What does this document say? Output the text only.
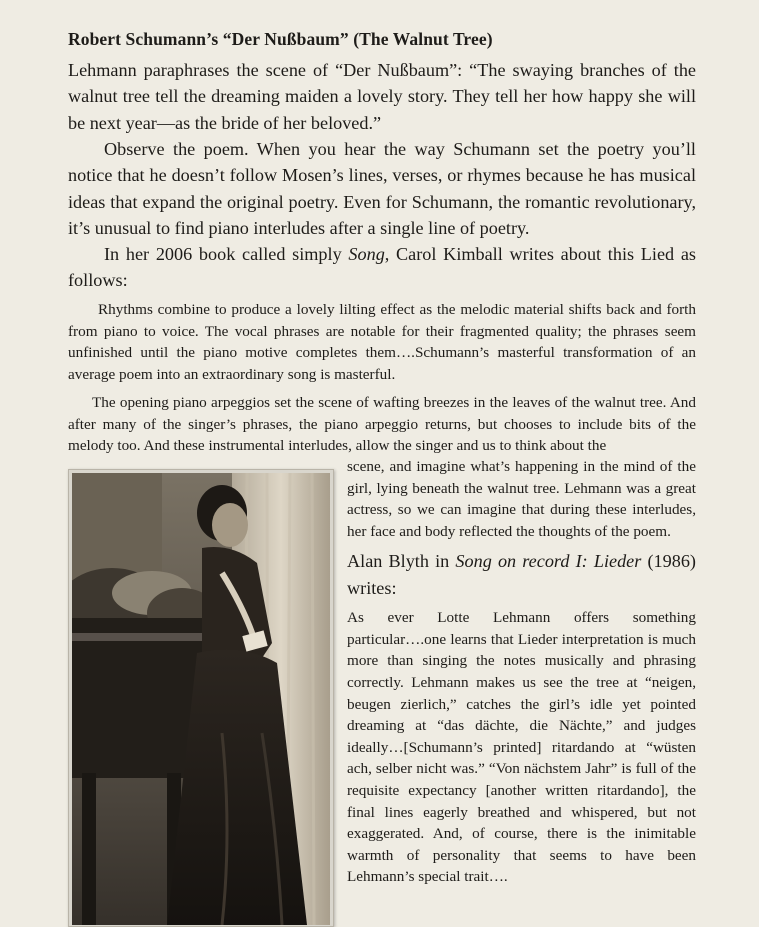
Robert Schumann’s “Der Nußbaum” (The Walnut Tree)

Lehmann paraphrases the scene of “Der Nußbaum”: “The swaying branches of the walnut tree tell the dreaming maiden a lovely story. They tell her how happy she will be next year—as the bride of her beloved.”

Observe the poem. When you hear the way Schumann set the poetry you’ll notice that he doesn’t follow Mosen’s lines, verses, or rhymes because he has musical ideas that expand the original poetry. Even for Schumann, the romantic revolutionary, it’s unusual to find piano interludes after a single line of poetry.

In her 2006 book called simply Song, Carol Kimball writes about this Lied as follows:

Rhythms combine to produce a lovely lilting effect as the melodic material shifts back and forth from piano to voice. The vocal phrases are notable for their fragmented quality; the phrases seem unfinished until the piano motive completes them….Schumann’s masterful transformation of an average poem into an extraordinary song is masterful.

The opening piano arpeggios set the scene of wafting breezes in the leaves of the walnut tree. And after many of the singer’s phrases, the piano arpeggio returns, but chooses to include bits of the melody too. And these instrumental interludes, allow the singer and us to think about the

scene, and imagine what’s happening in the mind of the girl, lying beneath the walnut tree. Lehmann was a great actress, so we can imagine that during these interludes, her face and body reflected the thoughts of the poem.

Alan Blyth in Song on record I: Lieder (1986) writes:

As ever Lotte Lehmann offers something particular….one learns that Lieder interpretation is much more than singing the notes musically and phrasing correctly. Lehmann makes us see the tree at “neigen, beugen zierlich,” catches the girl’s idle yet pointed dreaming at “das dächte, die Nächte,” and judges ideally…[Schumann’s printed] ritardando at “wüsten ach, selber nicht was.” “Von nächstem Jahr” is full of the requisite expectancy [another written ritardando], the final lines eagerly breathed and whispered, but not exaggerated. And, of course, there is the inimitable warmth of personality that seems to have been Lehmann’s special trait….
